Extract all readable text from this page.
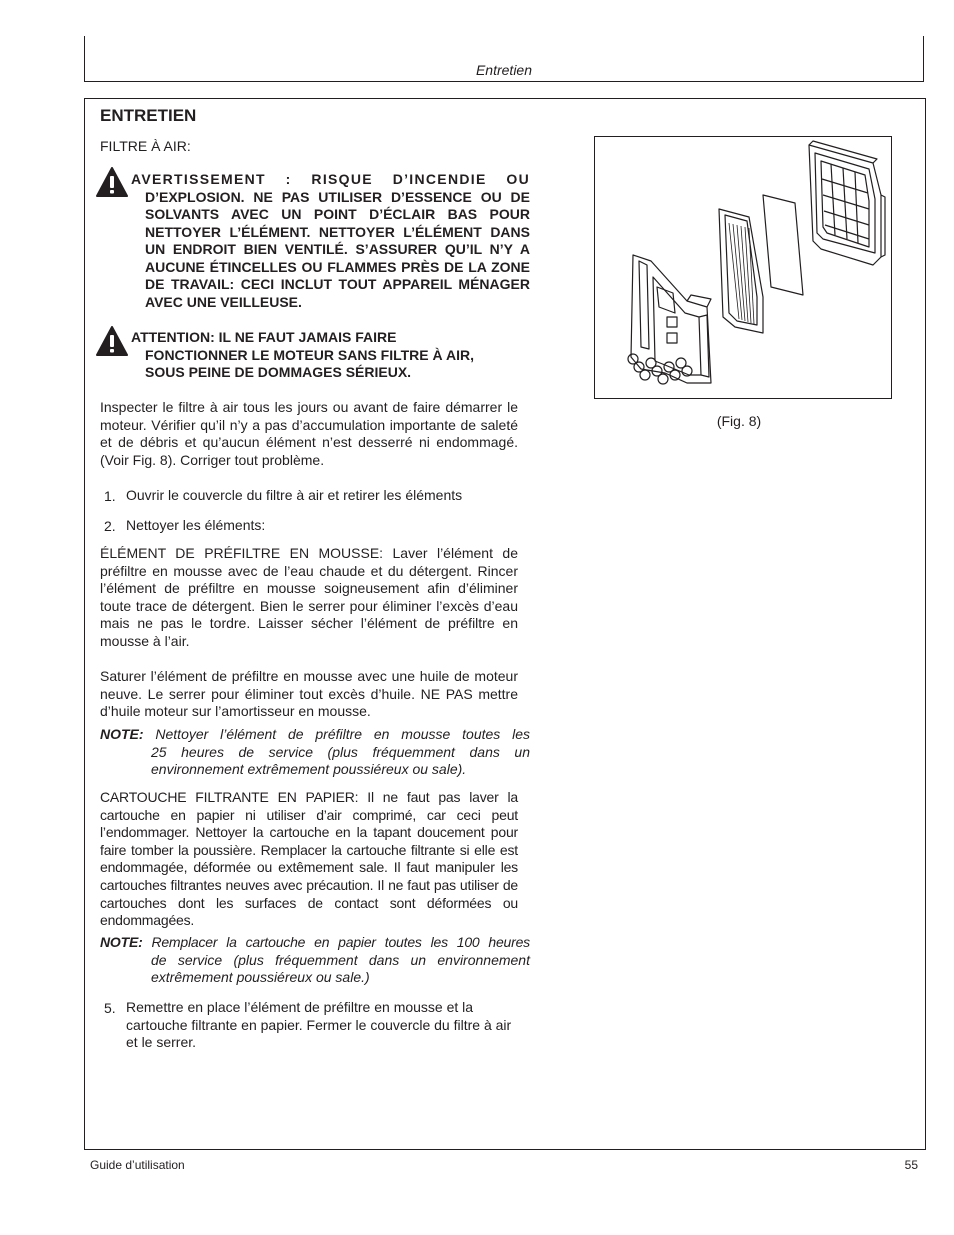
Entretien
ENTRETIEN
FILTRE À AIR:
AVERTISSEMENT : RISQUE D’INCENDIE OU
D’EXPLOSION. NE PAS UTILISER D’ESSENCE OU DE SOLVANTS AVEC UN POINT D’ÉCLAIR BAS POUR NETTOYER L’ÉLÉMENT. NETTOYER L’ÉLÉMENT DANS UN ENDROIT BIEN VENTILÉ. S’ASSURER QU’IL N’Y A AUCUNE ÉTINCELLES OU FLAMMES PRÈS DE LA ZONE DE TRAVAIL: CECI INCLUT TOUT APPAREIL MÉNAGER AVEC UNE VEILLEUSE.
ATTENTION: IL NE FAUT JAMAIS FAIRE
FONCTIONNER LE MOTEUR SANS FILTRE À AIR, SOUS PEINE DE DOMMAGES SÉRIEUX.
Inspecter le filtre à air tous les jours ou avant de faire démarrer le moteur. Vérifier qu’il n’y a pas d’accumulation importante de saleté et de débris et qu’aucun élément n’est desserré ni endommagé. (Voir Fig. 8). Corriger tout problème.
1. Ouvrir le couvercle du filtre à air et retirer les éléments
2. Nettoyer les éléments:
ÉLÉMENT DE PRÉFILTRE EN MOUSSE: Laver l’élément de préfiltre en mousse avec de l’eau chaude et du détergent. Rincer l’élément de préfiltre en mousse soigneusement afin d’éliminer toute trace de détergent. Bien le serrer pour éliminer l’excès d’eau mais ne pas le tordre. Laisser sécher l’élément de préfiltre en mousse à l’air.
Saturer l’élément de préfiltre en mousse avec une huile de moteur neuve. Le serrer pour éliminer tout excès d’huile. NE PAS mettre d’huile moteur sur l’amortisseur en mousse.
NOTE: Nettoyer l’élément de préfiltre en mousse toutes les
25 heures de service (plus fréquemment dans un environnement extrêmement poussiéreux ou sale).
CARTOUCHE FILTRANTE EN PAPIER: Il ne faut pas laver la cartouche en papier ni utiliser d’air comprimé, car ceci peut l’endommager. Nettoyer la cartouche en la tapant doucement pour faire tomber la poussière. Remplacer la cartouche filtrante si elle est endommagée, déformée ou extêmement sale. Il faut manipuler les cartouches filtrantes neuves avec précaution. Il ne faut pas utiliser de cartouches dont les surfaces de contact sont déformées ou endommagées.
NOTE: Remplacer la cartouche en papier toutes les 100 heures
de service (plus fréquemment dans un environnement extrêmement poussiéreux ou sale.)
5. Remettre en place l’élément de préfiltre en mousse et la cartouche filtrante en papier. Fermer le couvercle du filtre à air et le serrer.
(Fig. 8)
Guide d’utilisation	55
